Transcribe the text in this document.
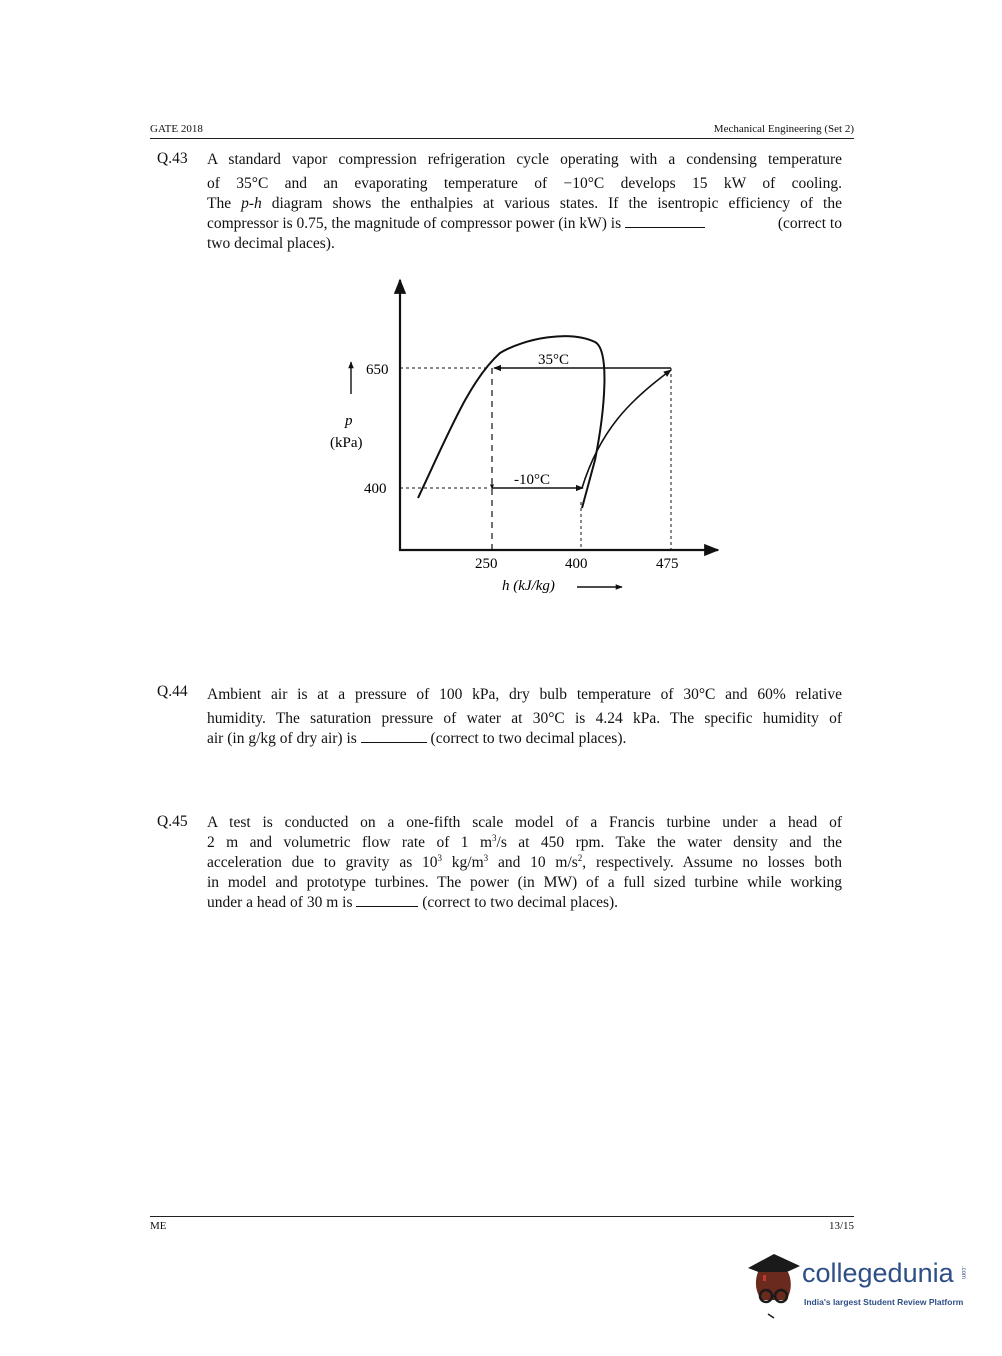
GATE 2018	Mechanical Engineering (Set 2)
Q.43 A standard vapor compression refrigeration cycle operating with a condensing temperature
of 35°C and an evaporating temperature of −10°C develops 15 kW of cooling.
The p-h diagram shows the enthalpies at various states. If the isentropic efficiency of the
compressor is 0.75, the magnitude of compressor power (in kW) is	(correct to
two decimal places).
650
400
p
(kPa)
35°C
-10°C
250	400	475
h (kJ/kg)
Q.44 Ambient air is at a pressure of 100 kPa, dry bulb temperature of 30°C and 60% relative
humidity. The saturation pressure of water at 30°C is 4.24 kPa. The specific humidity of
air (in g/kg of dry air) is	(correct to two decimal places).
Q.45 A test is conducted on a one-fifth scale model of a Francis turbine under a head of
2 m and volumetric flow rate of 1 $m^3/s$ at 450 rpm. Take the water density and the
acceleration due to gravity as $10^3$ $kg/m^3$ and 10 $m/s^2$, respectively. Assume no losses both
in model and prototype turbines. The power (in MW) of a full sized turbine while working
under a head of 30 m is	(correct to two decimal places).
ME	13/15
collegedunia .com
India's largest Student Review Platform
